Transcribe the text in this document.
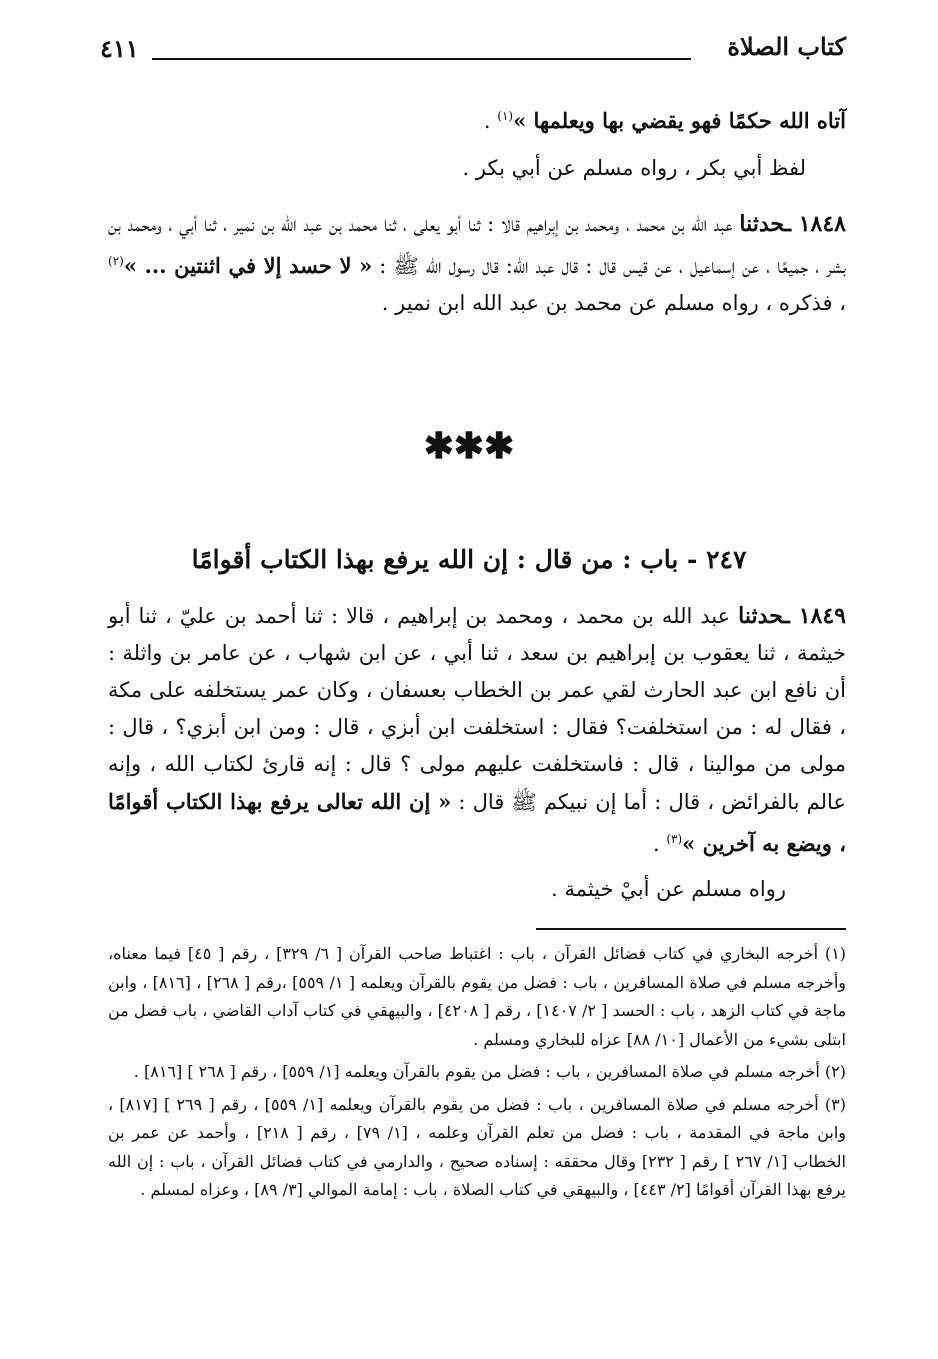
كتاب الصلاة
٤١١

آتاه الله حكمًا فهو يقضي بها ويعلمها »$^{(١)}$ .

لفظ أبي بكر ، رواه مسلم عن أبي بكر .

١٨٤٨ ـحدثنا عبد الله بن محمد ، ومحمد بن إبراهيم قالا : ثنا أبو يعلى ، ثنا محمد بن عبد الله بن نمير ، ثنا أبي ، ومحمد بن بشر ، جميعًا ، عن إسماعيل ، عن قيس قال : قال عبد الله: قال رسول الله ﷺ : « لا حسد إلا في اثنتين ... »$^{(٢)}$ ، فذكره ، رواه مسلم عن محمد بن عبد الله ابن نمير .

✱✱✱
٢٤٧ - باب : من قال : إن الله يرفع بهذا الكتاب أقوامًا

١٨٤٩ ـحدثنا عبد الله بن محمد ، ومحمد بن إبراهيم ، قالا : ثنا أحمد بن عليّ ، ثنا أبو خيثمة ، ثنا يعقوب بن إبراهيم بن سعد ، ثنا أبي ، عن ابن شهاب ، عن عامر بن واثلة : أن نافع ابن عبد الحارث لقي عمر بن الخطاب بعسفان ، وكان عمر يستخلفه على مكة ، فقال له : من استخلفت؟ فقال : استخلفت ابن أبزي ، قال : ومن ابن أبزي؟ ، قال : مولى من موالينا ، قال : فاستخلفت عليهم مولى ؟ قال : إنه قارئ لكتاب الله ، وإنه عالم بالفرائض ، قال : أما إن نبيكم ﷺ قال : « إن الله تعالى يرفع بهذا الكتاب أقوامًا ، ويضع به آخرين »$^{(٣)}$ .

رواه مسلم عن أبيْ خيثمة .

(١) أخرجه البخاري في كتاب فضائل القرآن ، باب : اغتباط صاحب القرآن [ ٦/ ٣٢٩] ، رقم [ ٤٥] فيما معناه، وأخرجه مسلم في صلاة المسافرين ، باب : فضل من يقوم بالقرآن ويعلمه [ ١/ ٥٥٩] ،رقم [ ٢٦٨] ، [٨١٦] ، وابن ماجة في كتاب الزهد ، باب : الحسد [ ٢/ ١٤٠٧] ، رقم [ ٤٢٠٨] ، والبيهقي في كتاب آداب القاضي ، باب فضل من ابتلى بشيء من الأعمال [١٠/ ٨٨] عزاه للبخاري ومسلم .

(٢) أخرجه مسلم في صلاة المسافرين ، باب : فضل من يقوم بالقرآن ويعلمه [١/ ٥٥٩] ، رقم [ ٢٦٨ ] [٨١٦] .

(٣) أخرجه مسلم في صلاة المسافرين ، باب : فضل من يقوم بالقرآن ويعلمه [١/ ٥٥٩] ، رقم [ ٢٦٩ ] [٨١٧] ، وابن ماجة في المقدمة ، باب : فضل من تعلم القرآن وعلمه ، [١/ ٧٩] ، رقم [ ٢١٨] ، وأحمد عن عمر بن الخطاب [١/ ٢٦٧ ] رقم [ ٢٣٢] وقال محققه : إسناده صحيح ، والدارمي في كتاب فضائل القرآن ، باب : إن الله يرفع بهذا القرآن أقوامًا [٢/ ٤٤٣] ، والبيهقي في كتاب الصلاة ، باب : إمامة الموالي [٣/ ٨٩] ، وعزاه لمسلم .
